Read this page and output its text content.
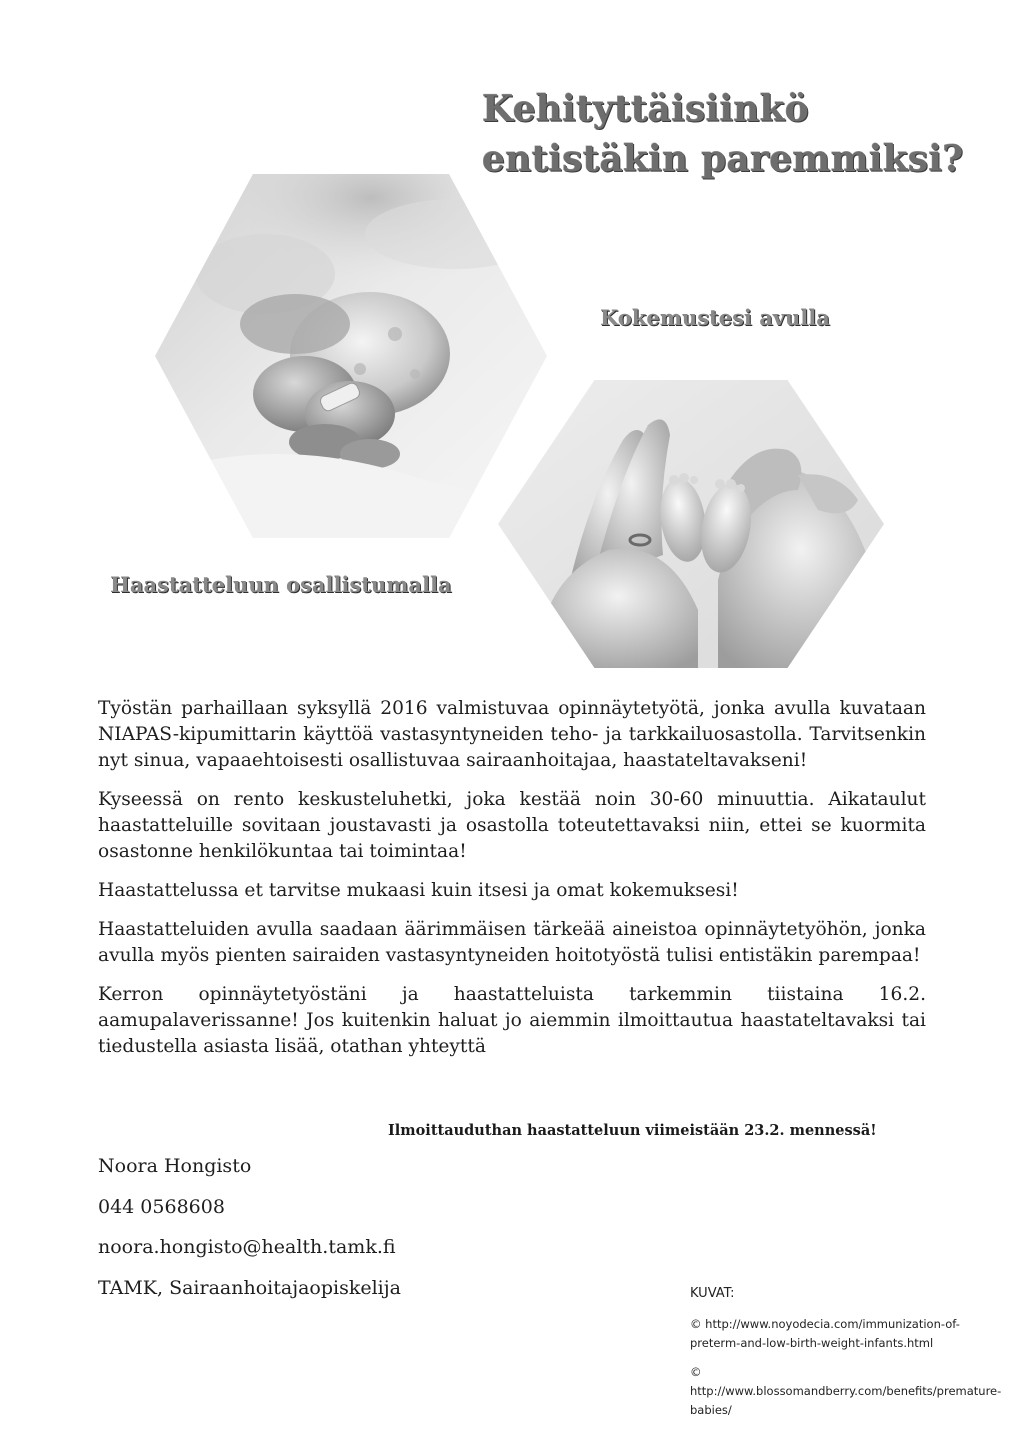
Kehityttäisiinkö
entistäkin paremmiksi?
Kokemustesi avulla
Haastatteluun osallistumalla

Työstän parhaillaan syksyllä 2016 valmistuvaa opinnäytetyötä, jonka avulla kuvataan NIAPAS-kipumittarin käyttöä vastasyntyneiden teho- ja tarkkailuosastolla. Tarvitsenkin nyt sinua, vapaaehtoisesti osallistuvaa sairaanhoitajaa, haastateltavakseni!

Kyseessä on rento keskusteluhetki, joka kestää noin 30-60 minuuttia. Aikataulut haastatteluille sovitaan joustavasti ja osastolla toteutettavaksi niin, ettei se kuormita osastonne henkilökuntaa tai toimintaa!

Haastattelussa et tarvitse mukaasi kuin itsesi ja omat kokemuksesi!

Haastatteluiden avulla saadaan äärimmäisen tärkeää aineistoa opinnäytetyöhön, jonka avulla myös pienten sairaiden vastasyntyneiden hoitotyöstä tulisi entistäkin parempaa!

Kerron opinnäytetyöstäni ja haastatteluista tarkemmin tiistaina 16.2. aamupalaverissanne! Jos kuitenkin haluat jo aiemmin ilmoittautua haastateltavaksi tai tiedustella asiasta lisää, otathan yhteyttä

Ilmoittauduthan haastatteluun viimeistään 23.2. mennessä!
Noora Hongisto
044 0568608
noora.hongisto@health.tamk.fi
TAMK, Sairaanhoitajaopiskelija	KUVAT:
© http://www.noyodecia.com/immunization-of-preterm-and-low-birth-weight-infants.html
© http://www.blossomandberry.com/benefits/premature-babies/
